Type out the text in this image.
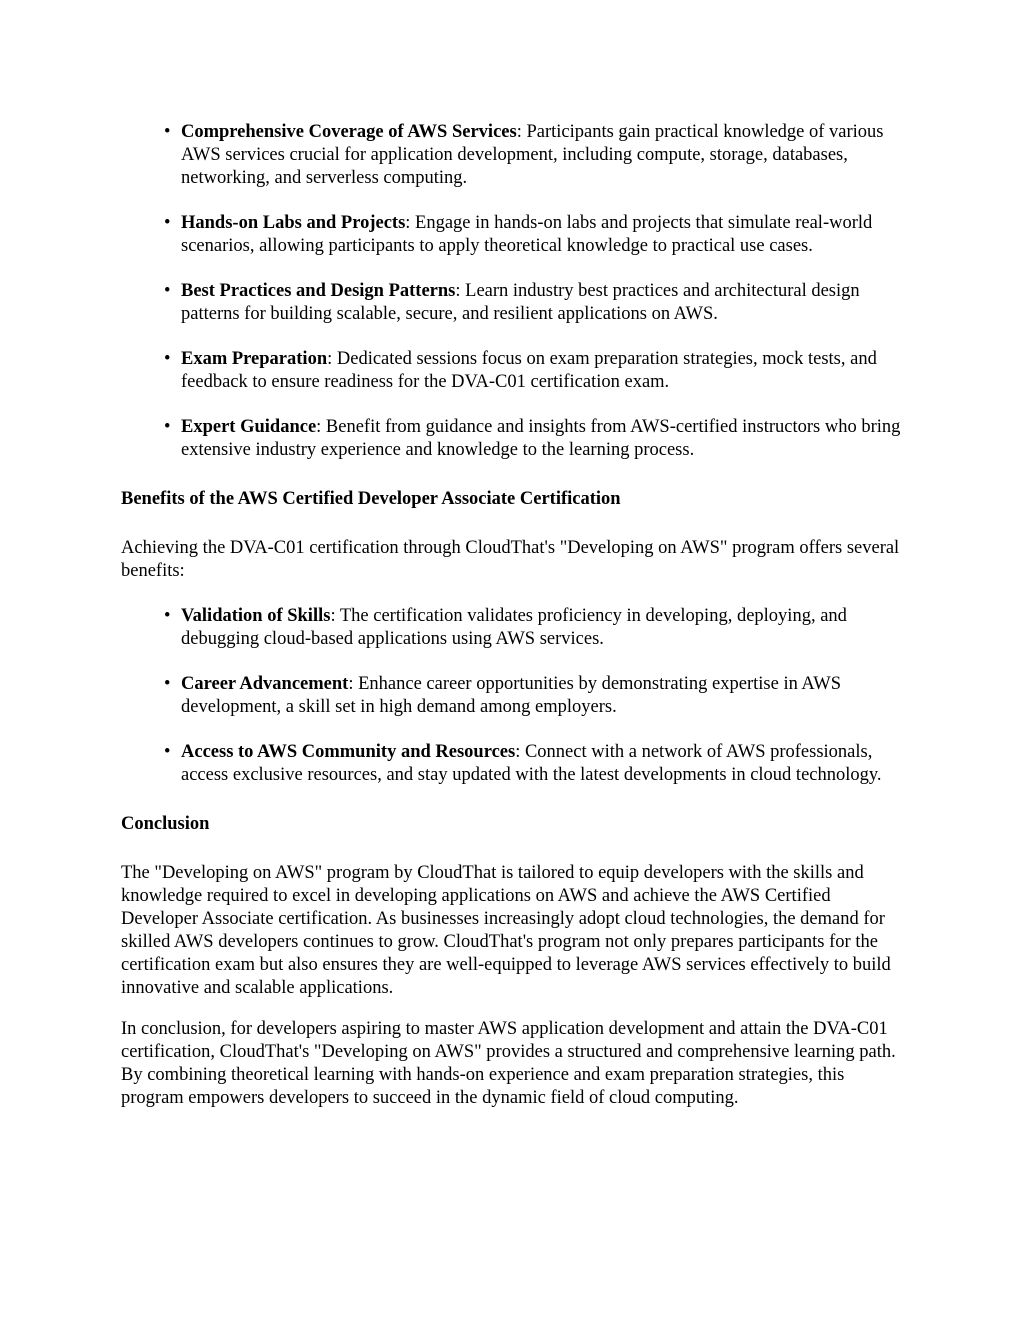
• Comprehensive Coverage of AWS Services: Participants gain practical knowledge of various AWS services crucial for application development, including compute, storage, databases, networking, and serverless computing.
• Hands-on Labs and Projects: Engage in hands-on labs and projects that simulate real-world scenarios, allowing participants to apply theoretical knowledge to practical use cases.
• Best Practices and Design Patterns: Learn industry best practices and architectural design patterns for building scalable, secure, and resilient applications on AWS.
• Exam Preparation: Dedicated sessions focus on exam preparation strategies, mock tests, and feedback to ensure readiness for the DVA-C01 certification exam.
• Expert Guidance: Benefit from guidance and insights from AWS-certified instructors who bring extensive industry experience and knowledge to the learning process.
Benefits of the AWS Certified Developer Associate Certification

Achieving the DVA-C01 certification through CloudThat's "Developing on AWS" program offers several benefits:

• Validation of Skills: The certification validates proficiency in developing, deploying, and debugging cloud-based applications using AWS services.
• Career Advancement: Enhance career opportunities by demonstrating expertise in AWS development, a skill set in high demand among employers.
• Access to AWS Community and Resources: Connect with a network of AWS professionals, access exclusive resources, and stay updated with the latest developments in cloud technology.
Conclusion

The "Developing on AWS" program by CloudThat is tailored to equip developers with the skills and knowledge required to excel in developing applications on AWS and achieve the AWS Certified Developer Associate certification. As businesses increasingly adopt cloud technologies, the demand for skilled AWS developers continues to grow. CloudThat's program not only prepares participants for the certification exam but also ensures they are well-equipped to leverage AWS services effectively to build innovative and scalable applications.

In conclusion, for developers aspiring to master AWS application development and attain the DVA-C01 certification, CloudThat's "Developing on AWS" provides a structured and comprehensive learning path. By combining theoretical learning with hands-on experience and exam preparation strategies, this program empowers developers to succeed in the dynamic field of cloud computing.
